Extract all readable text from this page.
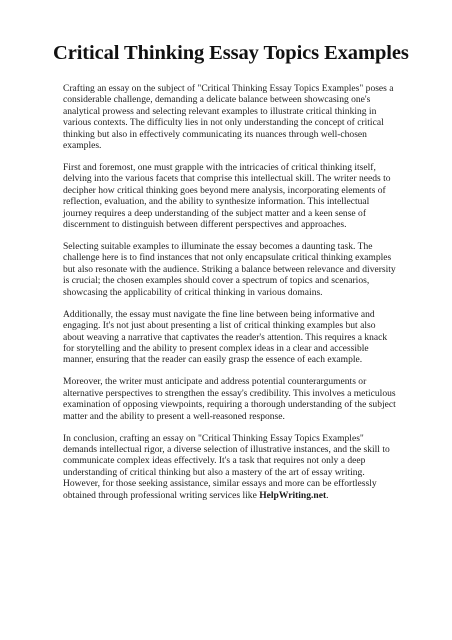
Critical Thinking Essay Topics Examples

Crafting an essay on the subject of "Critical Thinking Essay Topics Examples" poses a considerable challenge, demanding a delicate balance between showcasing one's analytical prowess and selecting relevant examples to illustrate critical thinking in various contexts. The difficulty lies in not only understanding the concept of critical thinking but also in effectively communicating its nuances through well-chosen examples.

First and foremost, one must grapple with the intricacies of critical thinking itself, delving into the various facets that comprise this intellectual skill. The writer needs to decipher how critical thinking goes beyond mere analysis, incorporating elements of reflection, evaluation, and the ability to synthesize information. This intellectual journey requires a deep understanding of the subject matter and a keen sense of discernment to distinguish between different perspectives and approaches.

Selecting suitable examples to illuminate the essay becomes a daunting task. The challenge here is to find instances that not only encapsulate critical thinking examples but also resonate with the audience. Striking a balance between relevance and diversity is crucial; the chosen examples should cover a spectrum of topics and scenarios, showcasing the applicability of critical thinking in various domains.

Additionally, the essay must navigate the fine line between being informative and engaging. It's not just about presenting a list of critical thinking examples but also about weaving a narrative that captivates the reader's attention. This requires a knack for storytelling and the ability to present complex ideas in a clear and accessible manner, ensuring that the reader can easily grasp the essence of each example.

Moreover, the writer must anticipate and address potential counterarguments or alternative perspectives to strengthen the essay's credibility. This involves a meticulous examination of opposing viewpoints, requiring a thorough understanding of the subject matter and the ability to present a well-reasoned response.

In conclusion, crafting an essay on "Critical Thinking Essay Topics Examples" demands intellectual rigor, a diverse selection of illustrative instances, and the skill to communicate complex ideas effectively. It's a task that requires not only a deep understanding of critical thinking but also a mastery of the art of essay writing. However, for those seeking assistance, similar essays and more can be effortlessly obtained through professional writing services like HelpWriting.net.
